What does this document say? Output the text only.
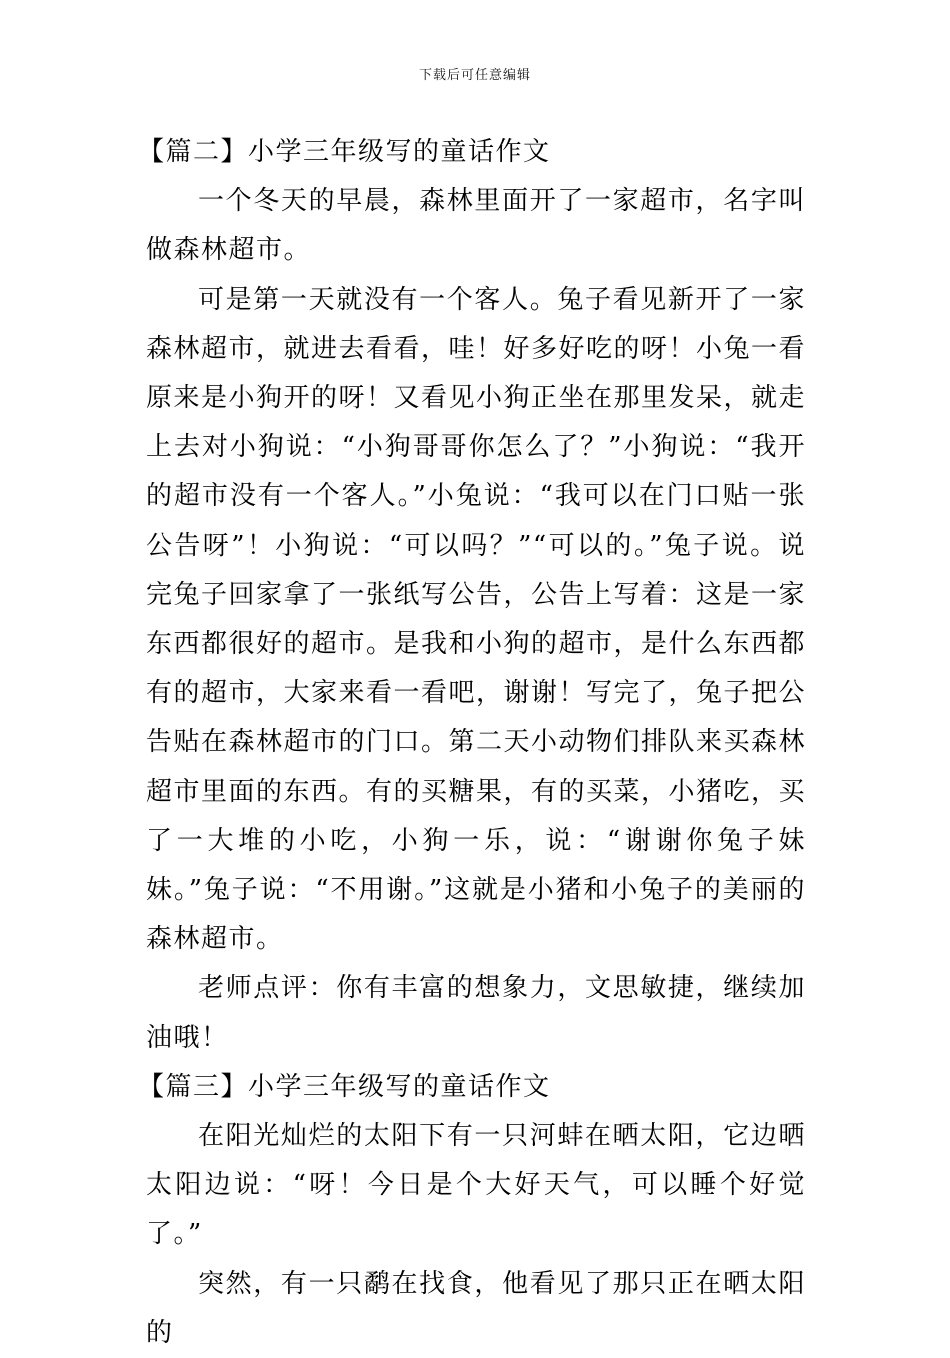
下载后可任意编辑

【篇二】小学三年级写的童话作文

一个冬天的早晨，森林里面开了一家超市，名字叫做森林超市。

可是第一天就没有一个客人。兔子看见新开了一家森林超市，就进去看看，哇！好多好吃的呀！小兔一看原来是小狗开的呀！又看见小狗正坐在那里发呆，就走上去对小狗说：“小狗哥哥你怎么了？”小狗说：“我开的超市没有一个客人。”小兔说：“我可以在门口贴一张公告呀”！小狗说：“可以吗？”“可以的。”兔子说。说完兔子回家拿了一张纸写公告，公告上写着：这是一家东西都很好的超市。是我和小狗的超市，是什么东西都有的超市，大家来看一看吧，谢谢！写完了，兔子把公告贴在森林超市的门口。第二天小动物们排队来买森林超市里面的东西。有的买糖果，有的买菜，小猪吃，买了一大堆的小吃，小狗一乐，说：“谢谢你兔子妹妹。”兔子说：“不用谢。”这就是小猪和小兔子的美丽的森林超市。

老师点评：你有丰富的想象力，文思敏捷，继续加油哦！

【篇三】小学三年级写的童话作文

在阳光灿烂的太阳下有一只河蚌在晒太阳，它边晒太阳边说：“呀！今日是个大好天气，可以睡个好觉了。”

突然，有一只鹬在找食，他看见了那只正在晒太阳的
